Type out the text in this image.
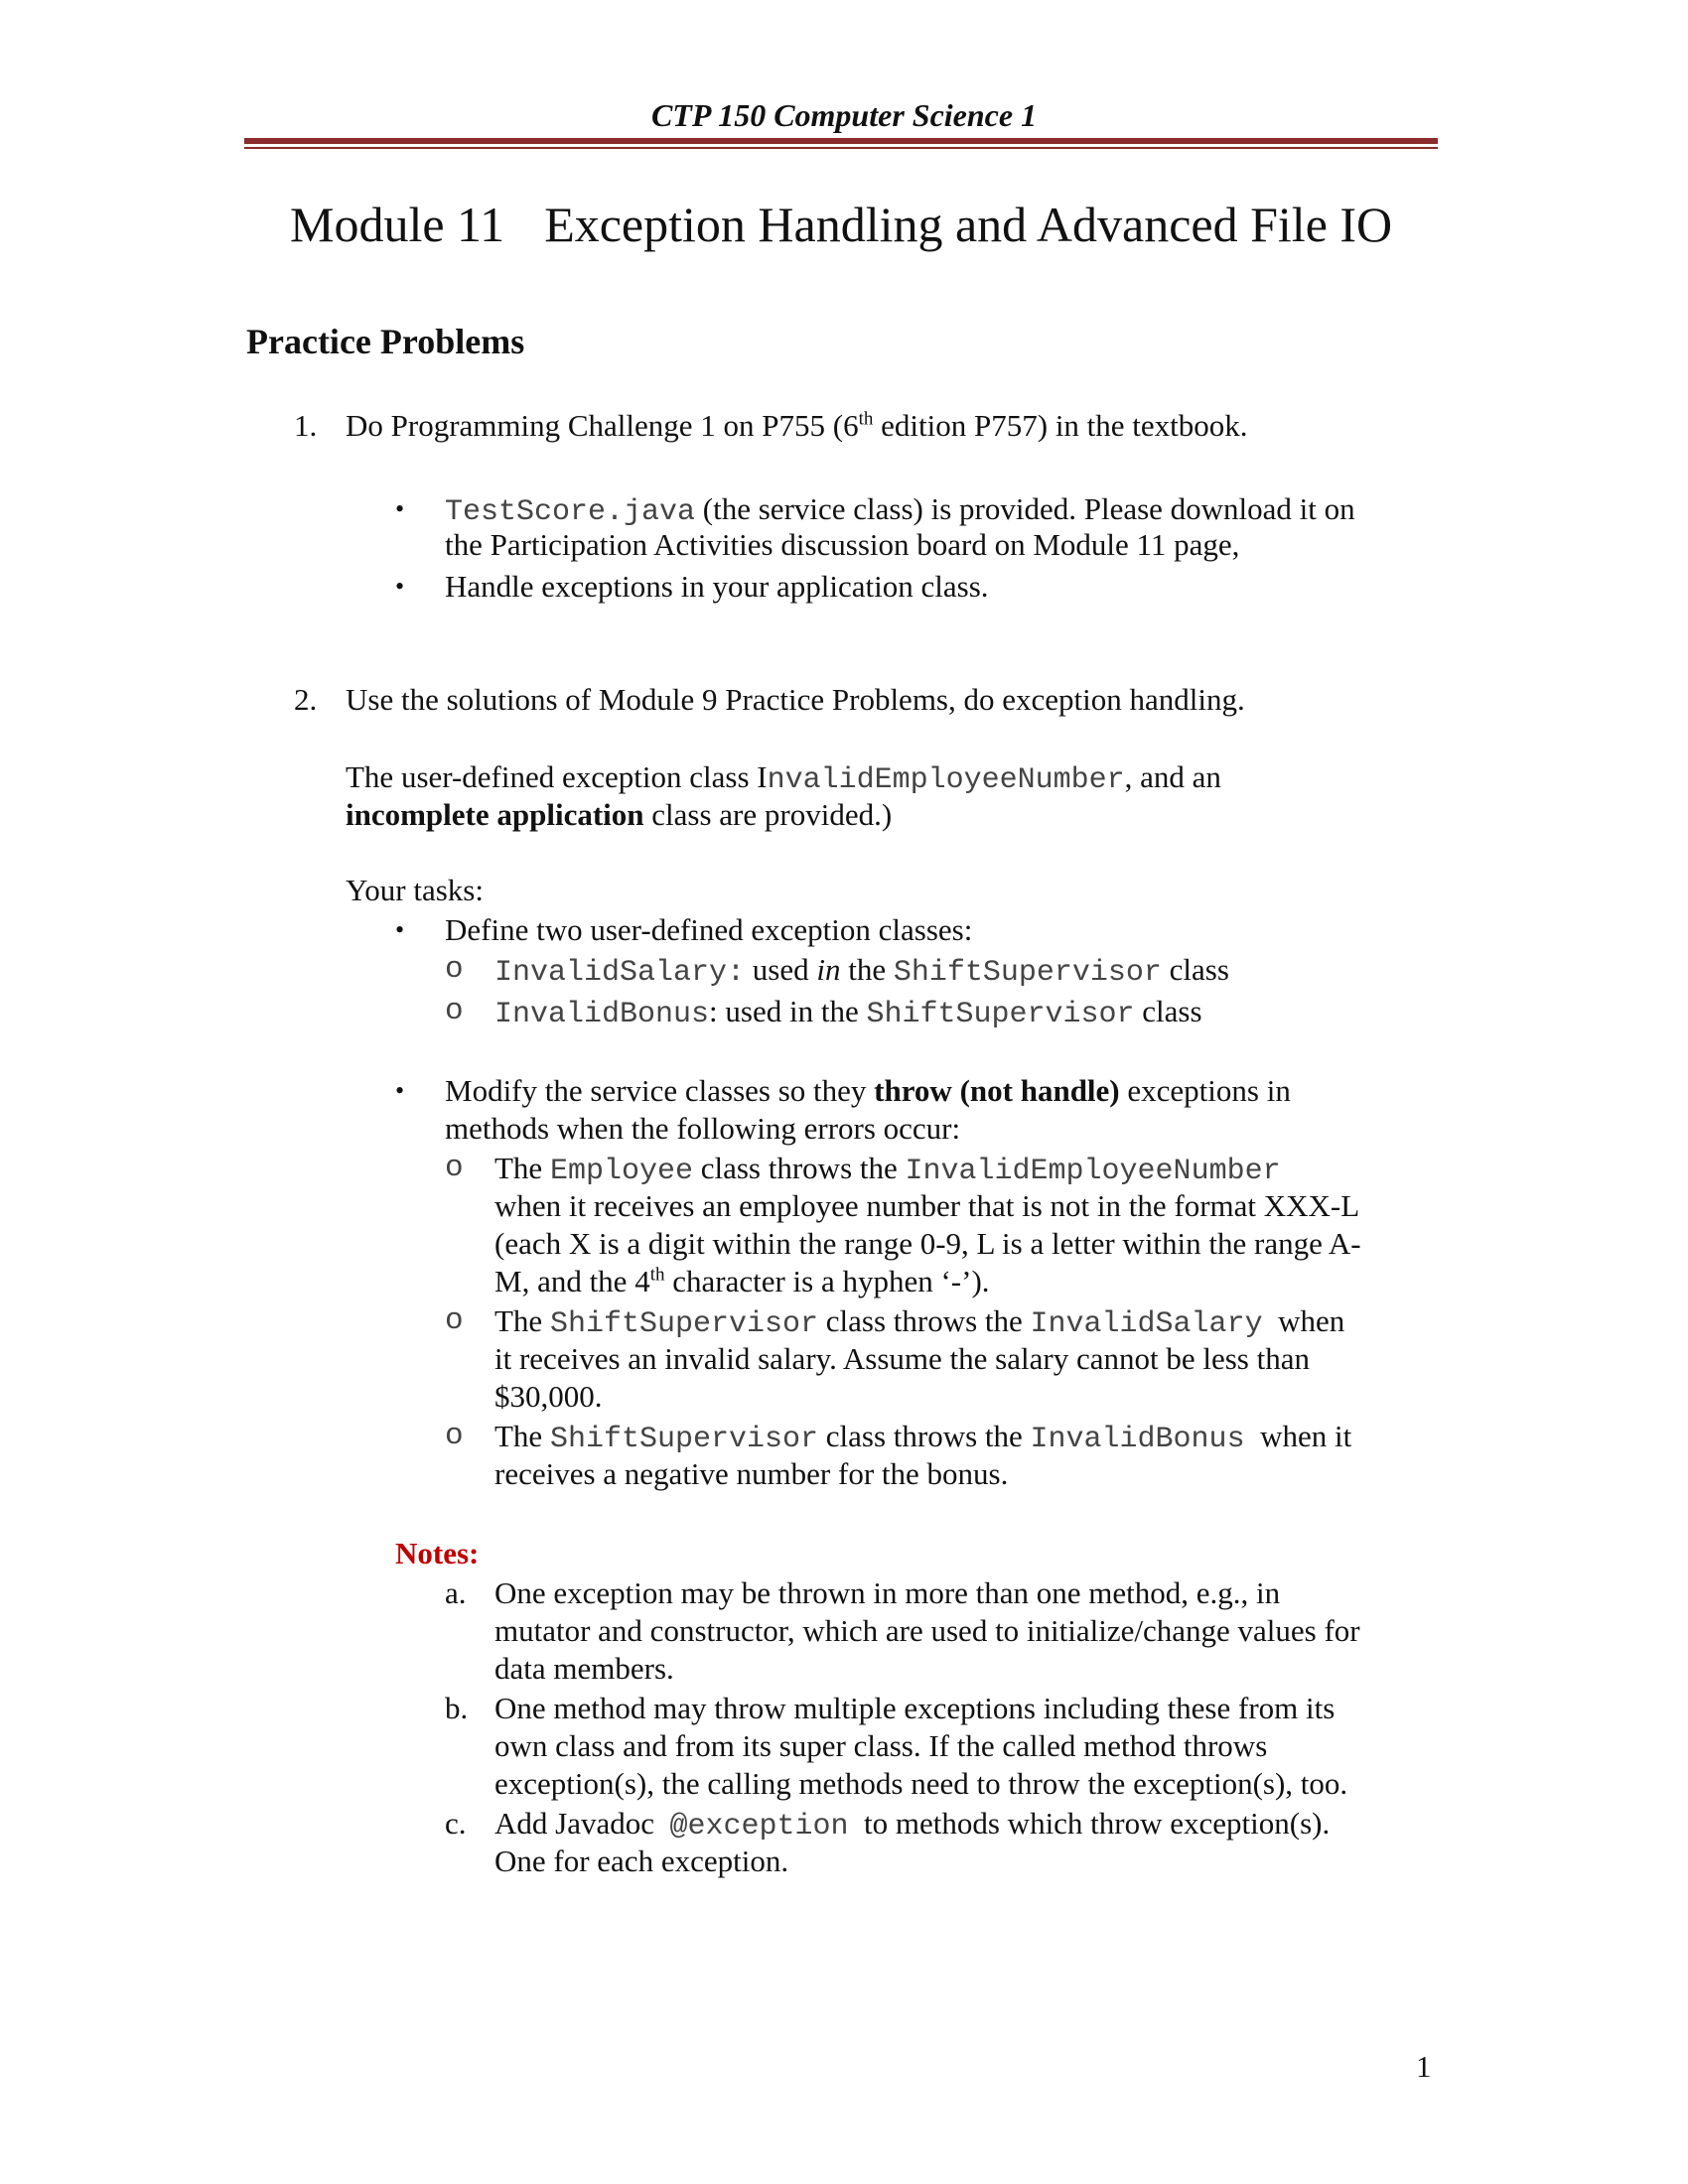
CTP 150 Computer Science 1
Module 11 Exception Handling and Advanced File IO
Practice Problems
1. Do Programming Challenge 1 on P755 (6th edition P757) in the textbook.
• TestScore.java (the service class) is provided. Please download it on
the Participation Activities discussion board on Module 11 page,
• Handle exceptions in your application class.
2. Use the solutions of Module 9 Practice Problems, do exception handling.
The user-defined exception class InvalidEmployeeNumber, and an
incomplete application class are provided.)
Your tasks:
• Define two user-defined exception classes:
o InvalidSalary: used in the ShiftSupervisor class
o InvalidBonus: used in the ShiftSupervisor class
• Modify the service classes so they throw (not handle) exceptions in
methods when the following errors occur:
o The Employee class throws the InvalidEmployeeNumber
when it receives an employee number that is not in the format XXX-L
(each X is a digit within the range 0-9, L is a letter within the range A-
M, and the 4th character is a hyphen ‘-’).
o The ShiftSupervisor class throws the InvalidSalary  when
it receives an invalid salary. Assume the salary cannot be less than
$30,000.
o The ShiftSupervisor class throws the InvalidBonus  when it
receives a negative number for the bonus.
Notes:
a. One exception may be thrown in more than one method, e.g., in
mutator and constructor, which are used to initialize/change values for
data members.
b. One method may throw multiple exceptions including these from its
own class and from its super class. If the called method throws
exception(s), the calling methods need to throw the exception(s), too.
c. Add Javadoc  @exception  to methods which throw exception(s).
One for each exception.
1
